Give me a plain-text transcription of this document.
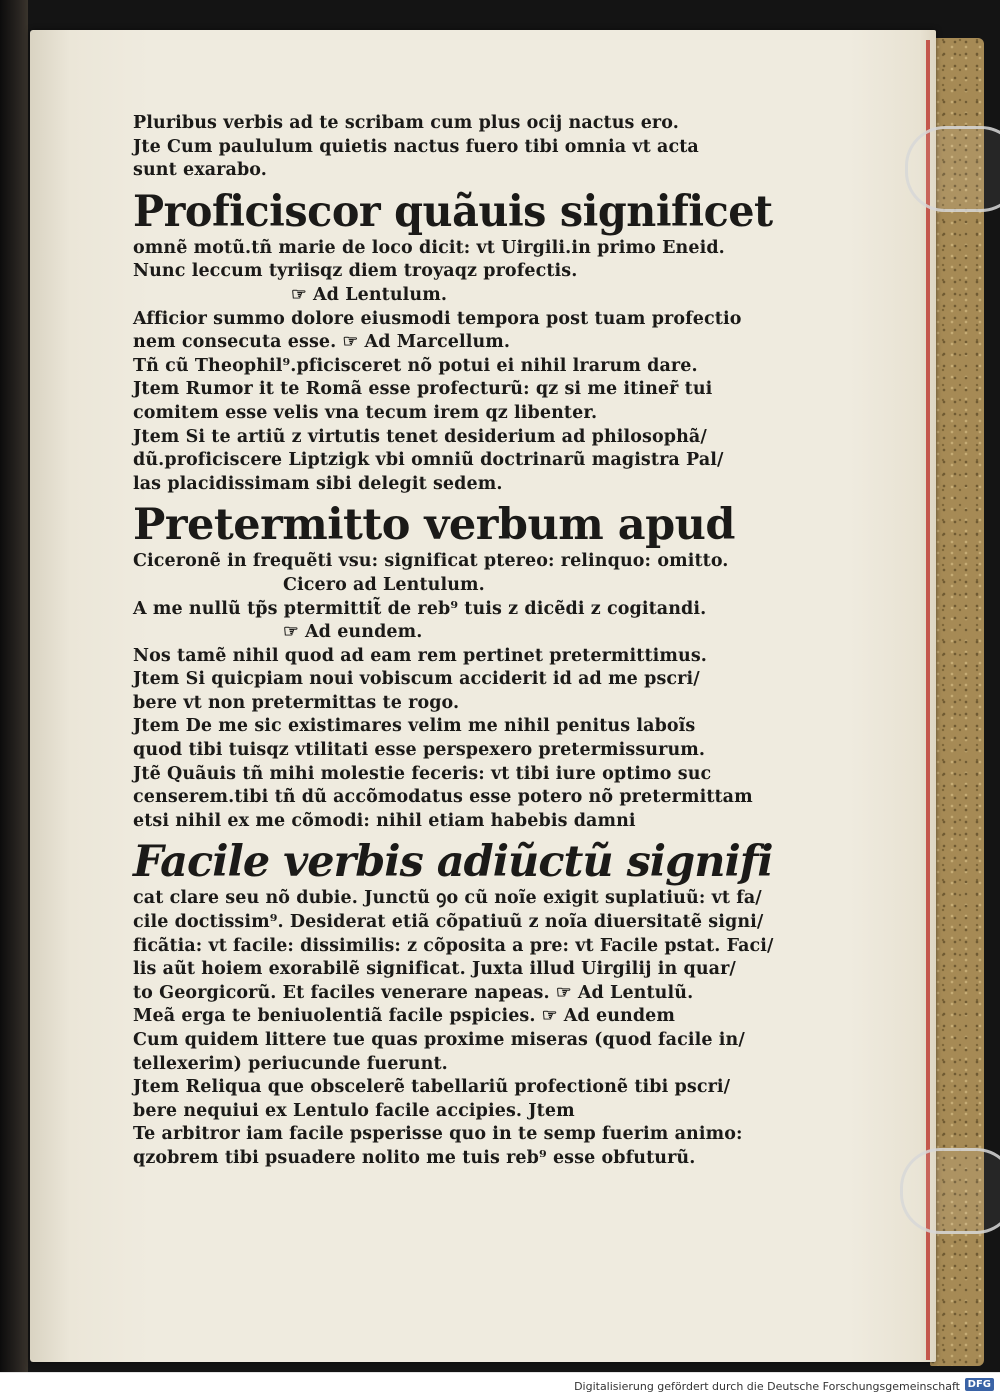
Pluribus verbis ad te scribam cum plus ocij nactus ero.
Jte Cum paululum quietis nactus fuero tibi omnia vt acta
sunt exarabo.
Proficiscor quãuis significet
omnẽ motũ.tñ marie de loco dicit: vt Uirgili.in primo Eneid.
Nunc leccum tyriisqz diem troyaqz profectis.
☞ Ad Lentulum.
Afficior summo dolore eiusmodi tempora post tuam profectio
nem consecuta esse. ☞ Ad Marcellum.
Tñ cũ Theophil⁹.pficisceret nõ potui ei nihil lrarum dare.
Jtem Rumor it te Romã esse profecturũ: qz si me itiner̃ tui
comitem esse velis vna tecum irem qz libenter.
Jtem Si te artiũ z virtutis tenet desiderium ad philosophã/
dũ.proficiscere Liptzigk vbi omniũ doctrinarũ magistra Pal/
las placidissimam sibi delegit sedem.
Pretermitto verbum apud
Ciceronẽ in frequẽti vsu: significat ptereo: relinquo: omitto.
Cicero ad Lentulum.
A me nullũ tp̃s ptermittit̃ de reb⁹ tuis z dicẽdi z cogitandi.
☞ Ad eundem.
Nos tamẽ nihil quod ad eam rem pertinet pretermittimus.
Jtem Si quicpiam noui vobiscum acciderit id ad me pscri/
bere vt non pretermittas te rogo.
Jtem De me sic existimares velim me nihil penitus laboĩs
quod tibi tuisqz vtilitati esse perspexero pretermissurum.
Jtẽ Quãuis tñ mihi molestie feceris: vt tibi iure optimo suc
censerem.tibi tñ dũ accõmodatus esse potero nõ pretermittam
etsi nihil ex me cõmodi: nihil etiam habebis damni
Facile verbis adiũctũ signifi
cat clare seu nõ dubie. Junctũ ꝯo cũ noĩe exigit suplatiuũ: vt fa/
cile doctissim⁹. Desiderat etiã cõpatiuũ z noĩa diuersitatẽ signi/
ficãtia: vt facile: dissimilis: z cõposita a pre: vt Facile pstat. Faci/
lis aũt hoiem exorabilẽ significat. Juxta illud Uirgilij in quar/
to Georgicorũ. Et faciles venerare napeas. ☞ Ad Lentulũ.
Meã erga te beniuolentiã facile pspicies. ☞ Ad eundem
Cum quidem littere tue quas proxime miseras (quod facile in/
tellexerim) periucunde fuerunt.
Jtem Reliqua que obscelerẽ tabellariũ profectionẽ tibi pscri/
bere nequiui ex Lentulo facile accipies. Jtem
Te arbitror iam facile psperisse quo in te semp fuerim animo:
qzobrem tibi psuadere nolito me tuis reb⁹ esse obfuturũ.
Digitalisierung gefördert durch die Deutsche Forschungsgemeinschaft DFG
